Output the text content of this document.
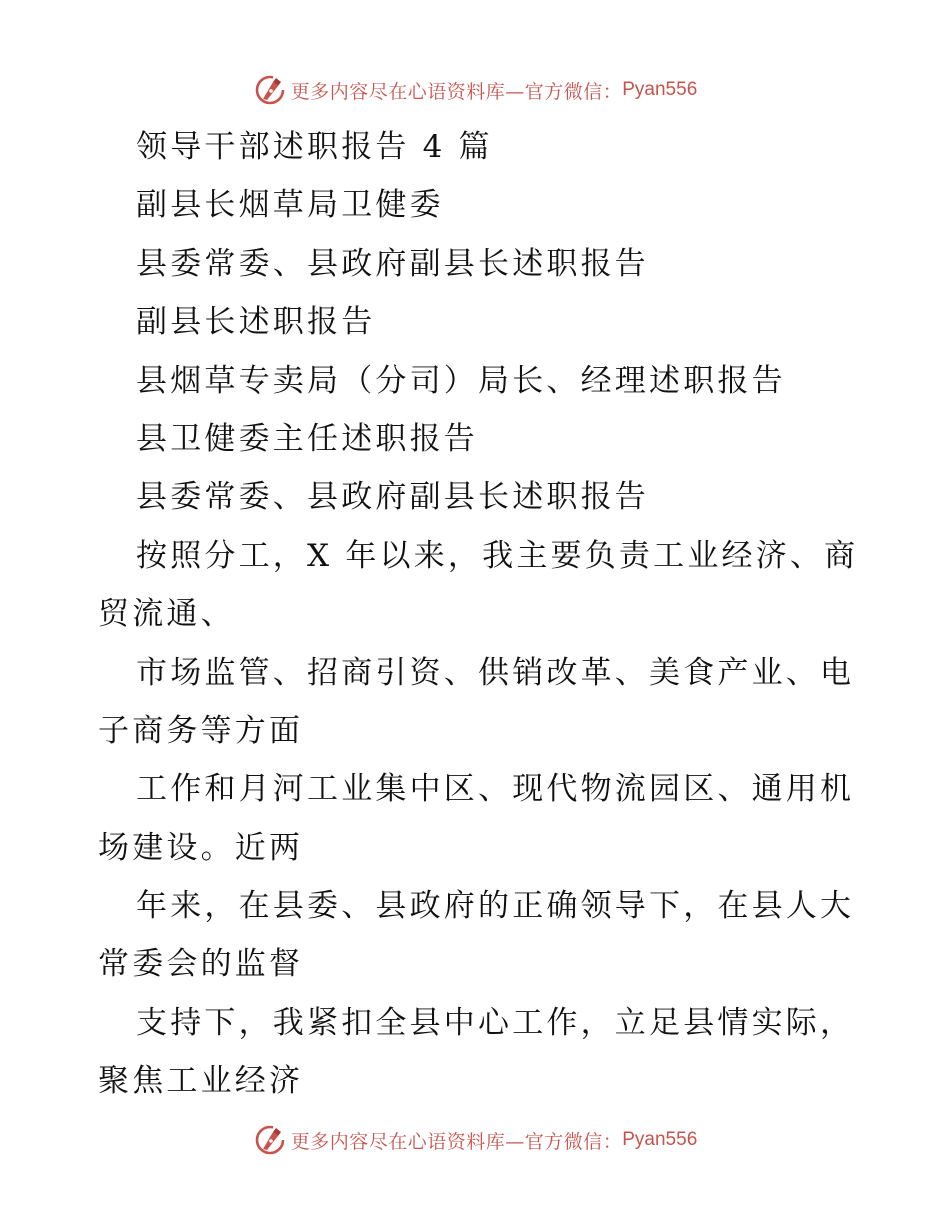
更多内容尽在心语资料库—官方微信： Pyan556
领导干部述职报告 4 篇
副县长烟草局卫健委
县委常委、县政府副县长述职报告
副县长述职报告
县烟草专卖局（分司）局长、经理述职报告
县卫健委主任述职报告
县委常委、县政府副县长述职报告
按照分工，X 年以来，我主要负责工业经济、商
贸流通、
市场监管、招商引资、供销改革、美食产业、电
子商务等方面
工作和月河工业集中区、现代物流园区、通用机
场建设。近两
年来，在县委、县政府的正确领导下，在县人大
常委会的监督
支持下，我紧扣全县中心工作，立足县情实际，
聚焦工业经济
更多内容尽在心语资料库—官方微信： Pyan556
